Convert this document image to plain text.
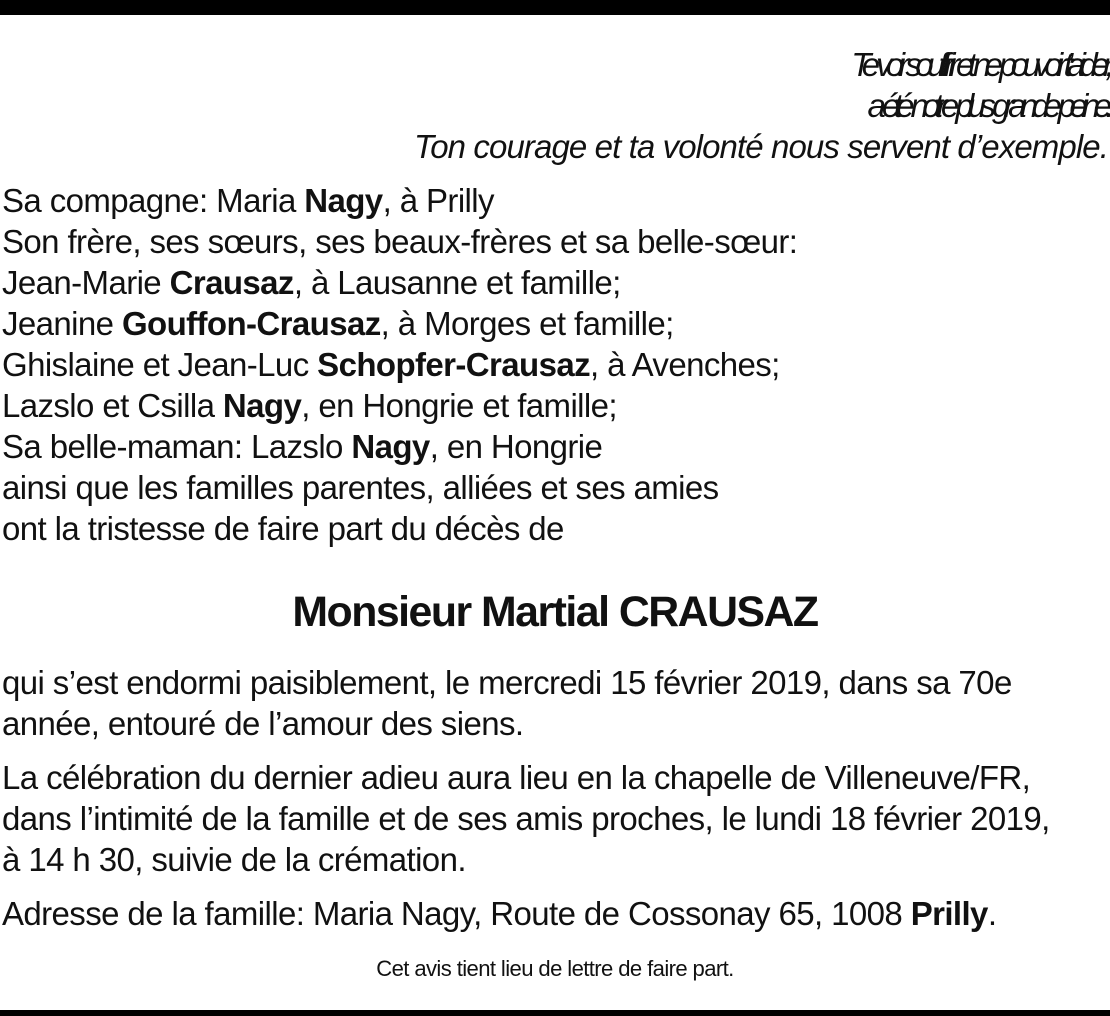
Te voir souffrir et ne pouvoir t’aider,
a été notre plus grande peine.
Ton courage et ta volonté nous servent d’exemple.
Sa compagne: Maria Nagy, à Prilly
Son frère, ses sœurs, ses beaux-frères et sa belle-sœur:
Jean-Marie Crausaz, à Lausanne et famille;
Jeanine Gouffon-Crausaz, à Morges et famille;
Ghislaine et Jean-Luc Schopfer-Crausaz, à Avenches;
Lazslo et Csilla Nagy, en Hongrie et famille;
Sa belle-maman: Lazslo Nagy, en Hongrie
ainsi que les familles parentes, alliées et ses amies
ont la tristesse de faire part du décès de
Monsieur Martial CRAUSAZ
qui s’est endormi paisiblement, le mercredi 15 février 2019, dans sa 70e
année, entouré de l’amour des siens.
La célébration du dernier adieu aura lieu en la chapelle de Villeneuve/FR,
dans l’intimité de la famille et de ses amis proches, le lundi 18 février 2019,
à 14 h 30, suivie de la crémation.
Adresse de la famille: Maria Nagy, Route de Cossonay 65, 1008 Prilly.
Cet avis tient lieu de lettre de faire part.
